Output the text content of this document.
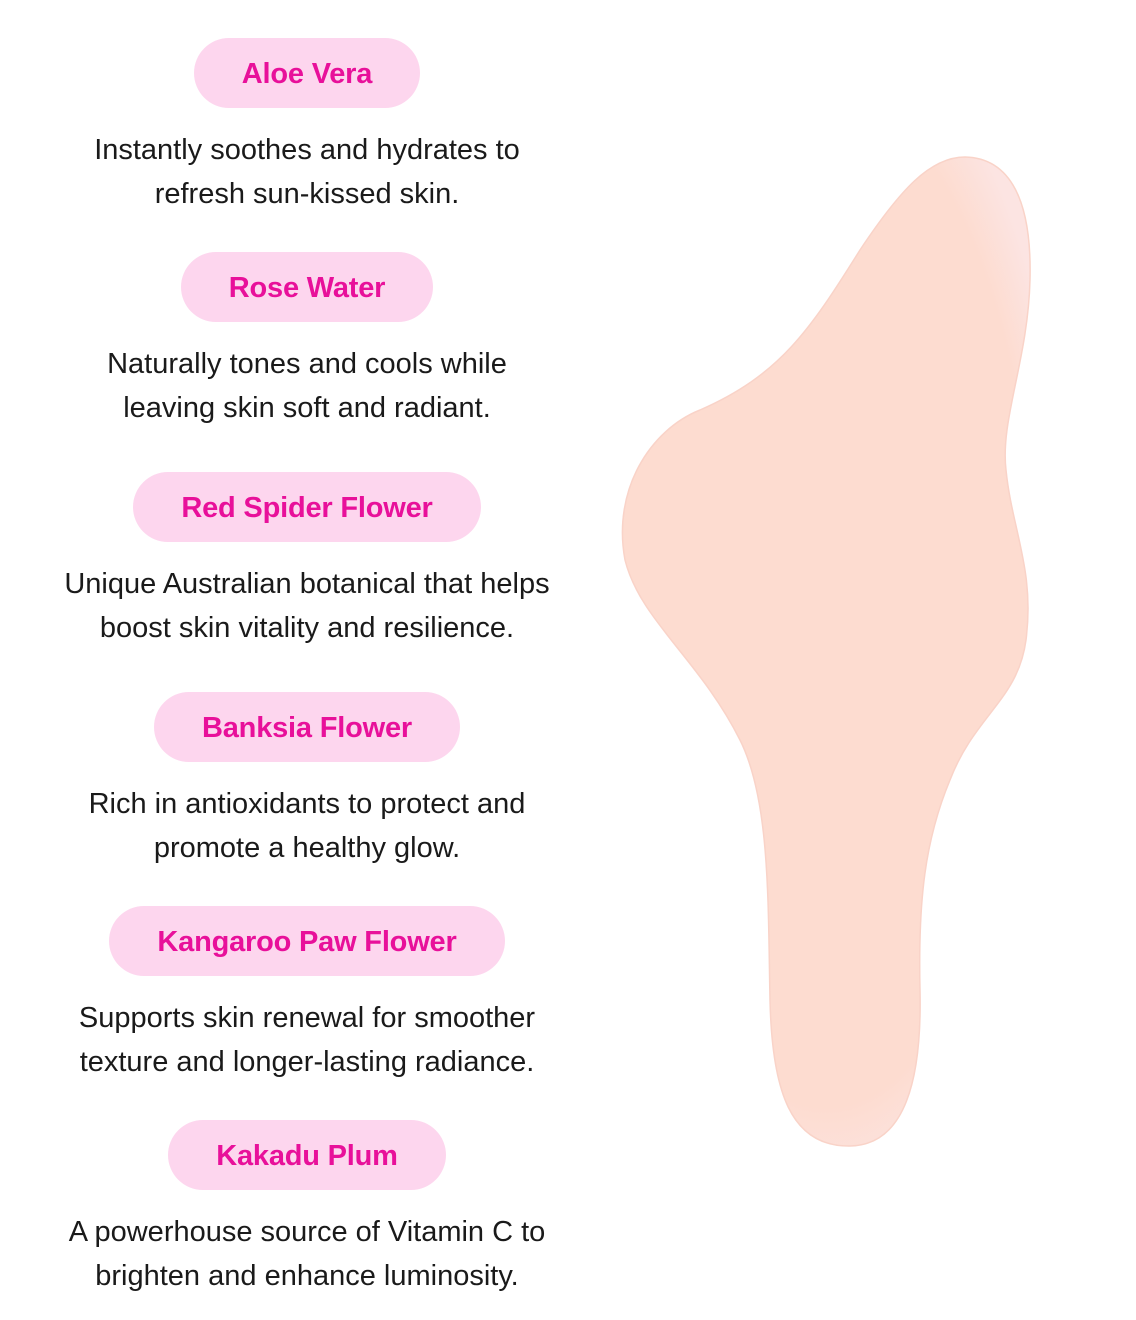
Aloe Vera
Instantly soothes and hydrates to
refresh sun-kissed skin.
Rose Water
Naturally tones and cools while
leaving skin soft and radiant.
Red Spider Flower
Unique Australian botanical that helps
boost skin vitality and resilience.
Banksia Flower
Rich in antioxidants to protect and
promote a healthy glow.
Kangaroo Paw Flower
Supports skin renewal for smoother
texture and longer-lasting radiance.
Kakadu Plum
A powerhouse source of Vitamin C to
brighten and enhance luminosity.
